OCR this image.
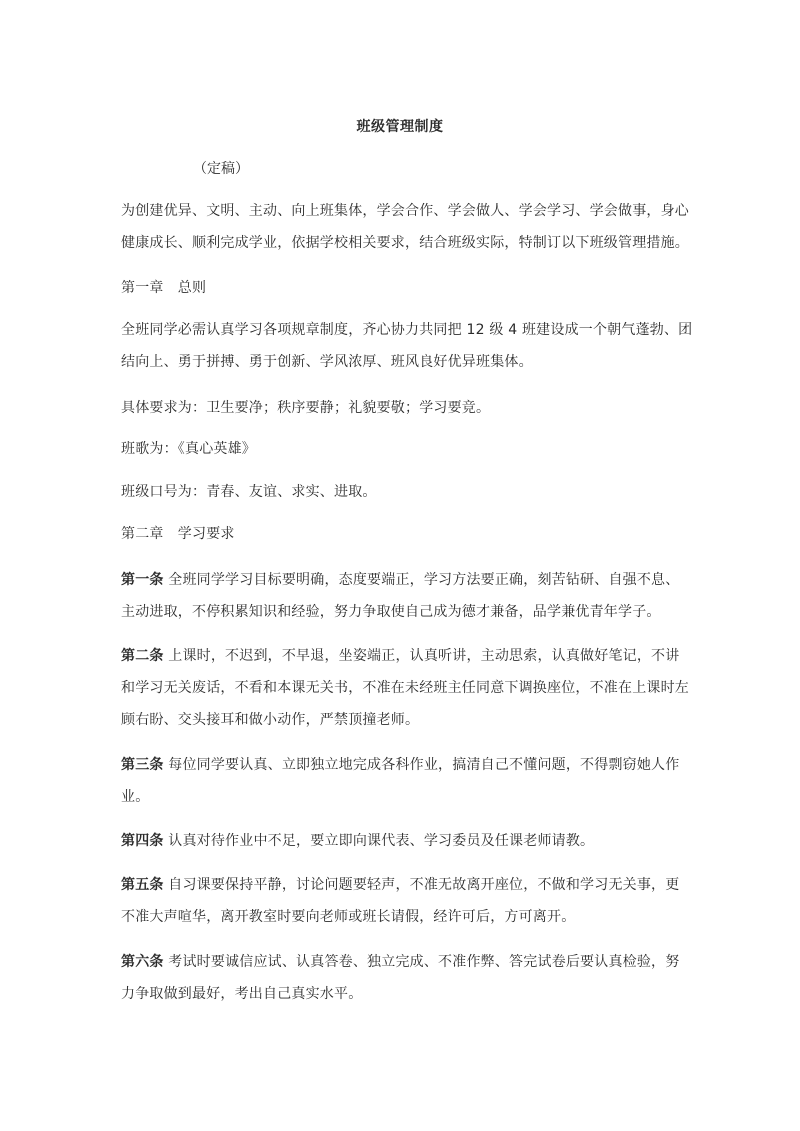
班级管理制度
（定稿）

为创建优异、文明、主动、向上班集体，学会合作、学会做人、学会学习、学会做事，身心
健康成长、顺利完成学业，依据学校相关要求，结合班级实际，特制订以下班级管理措施。

第一章　总则

全班同学必需认真学习各项规章制度，齐心协力共同把 12 级 4 班建设成一个朝气蓬勃、团
结向上、勇于拼搏、勇于创新、学风浓厚、班风良好优异班集体。

具体要求为：卫生要净；秩序要静；礼貌要敬；学习要竞。

班歌为：《真心英雄》

班级口号为：青春、友谊、求实、进取。

第二章　学习要求

第一条 全班同学学习目标要明确，态度要端正，学习方法要正确，刻苦钻研、自强不息、
主动进取，不停积累知识和经验，努力争取使自己成为德才兼备，品学兼优青年学子。

第二条 上课时，不迟到，不早退，坐姿端正，认真听讲，主动思索，认真做好笔记，不讲
和学习无关废话，不看和本课无关书，不准在未经班主任同意下调换座位，不准在上课时左
顾右盼、交头接耳和做小动作，严禁顶撞老师。

第三条 每位同学要认真、立即独立地完成各科作业，搞清自己不懂问题，不得剽窃她人作
业。

第四条 认真对待作业中不足，要立即向课代表、学习委员及任课老师请教。

第五条 自习课要保持平静，讨论问题要轻声，不准无故离开座位，不做和学习无关事，更
不准大声喧华，离开教室时要向老师或班长请假，经许可后，方可离开。

第六条 考试时要诚信应试、认真答卷、独立完成、不准作弊、答完试卷后要认真检验，努
力争取做到最好，考出自己真实水平。
